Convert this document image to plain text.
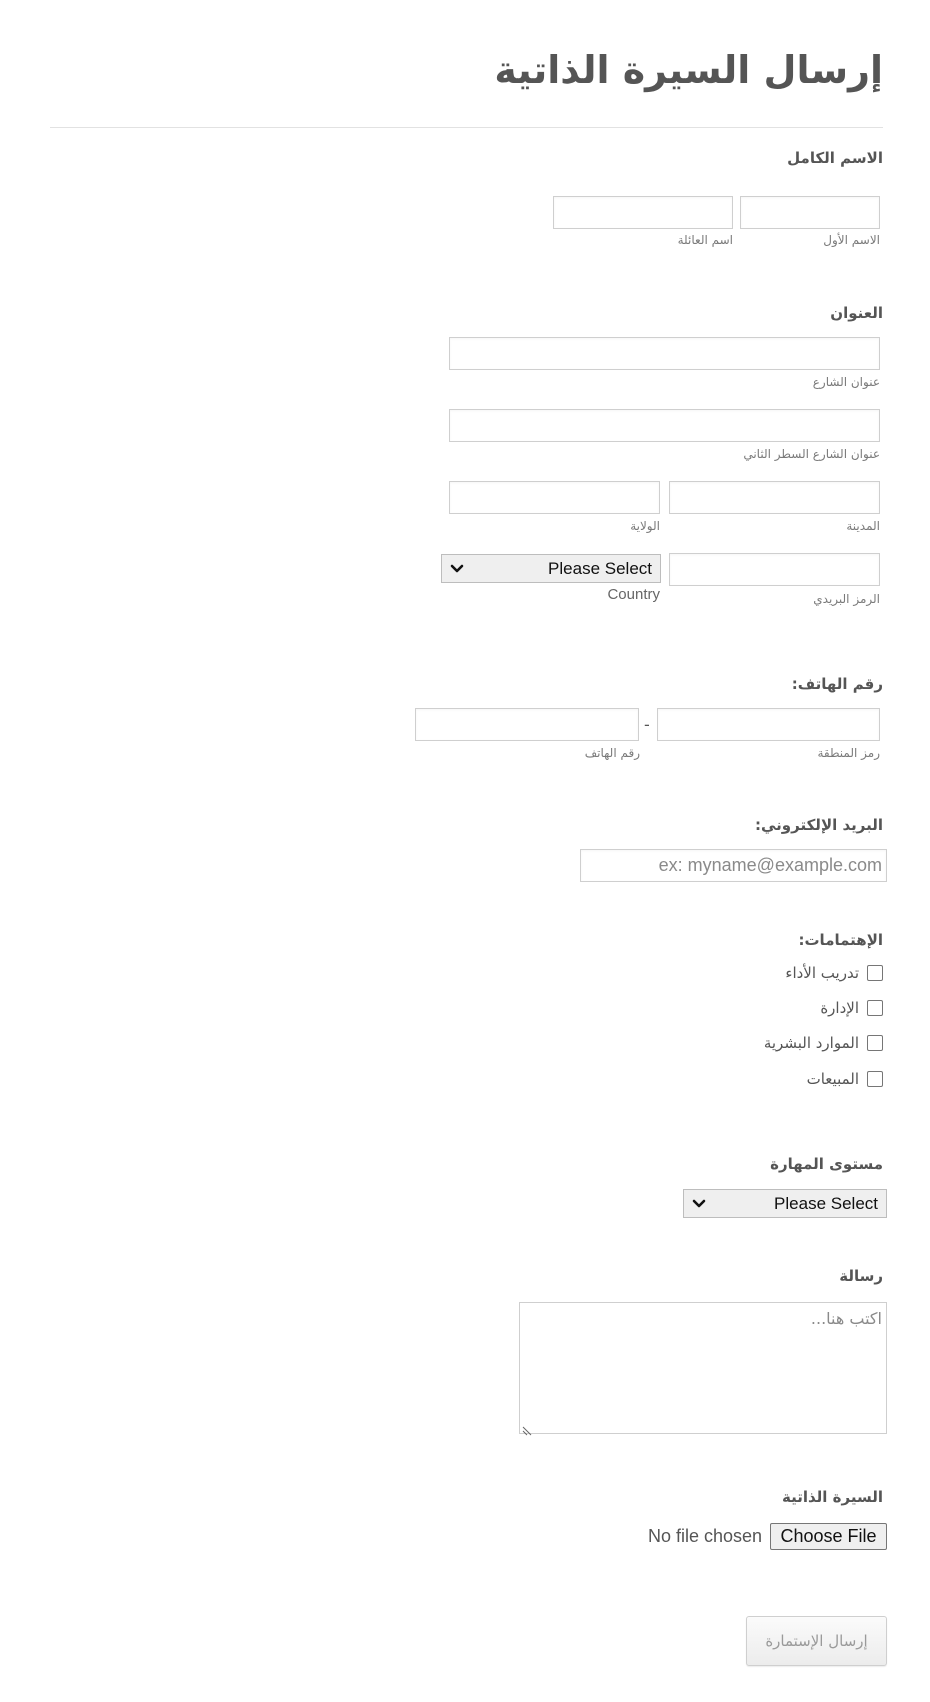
إرسال السيرة الذاتية
الاسم الكامل
الاسم الأول
اسم العائلة
العنوان
عنوان الشارع
عنوان الشارع السطر الثاني
المدينة
الولاية
Please Select
الرمز البريدي
Country
رقم الهاتف:
-
رمز المنطقة
رقم الهاتف
البريد الإلكتروني:
ex: myname@example.com
الإهتمامات:
تدريب الأداء
الإدارة
الموارد البشرية
المبيعات
مستوى المهارة
Please Select
رسالة
اكتب هنا...
السيرة الذاتية
Choose File
No file chosen
إرسال الإستمارة
